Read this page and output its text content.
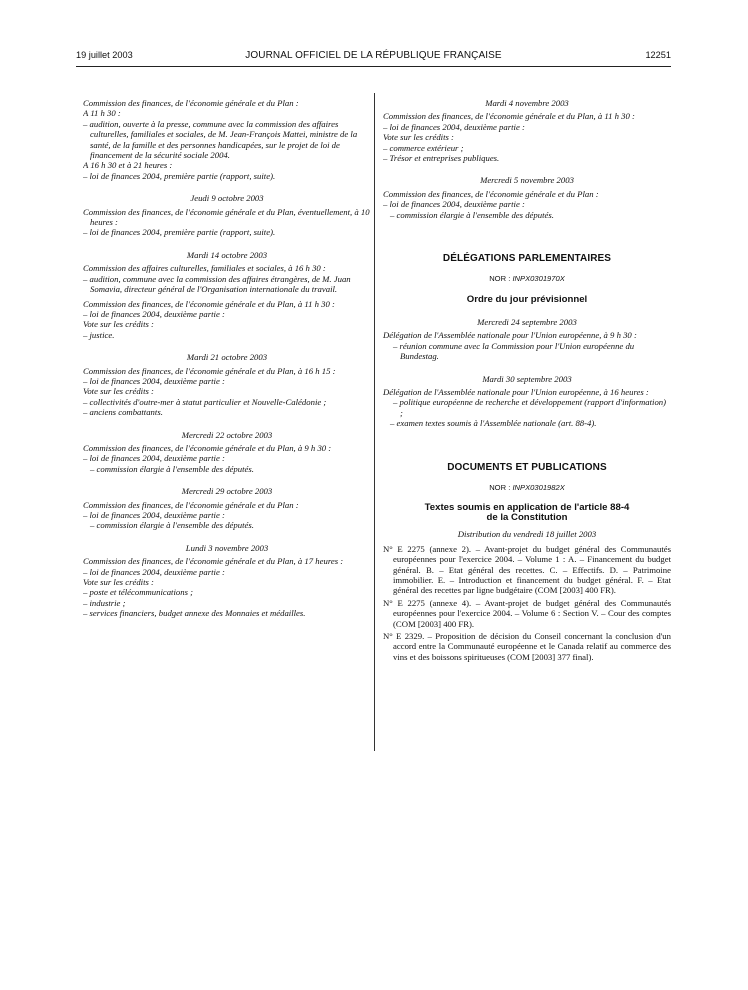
19 juillet 2003	JOURNAL OFFICIEL DE LA RÉPUBLIQUE FRANÇAISE	12251
Commission des finances, de l'économie générale et du Plan :
A 11 h 30 :
– audition, ouverte à la presse, commune avec la commission des affaires culturelles, familiales et sociales, de M. Jean-François Mattei, ministre de la santé, de la famille et des personnes handicapées, sur le projet de loi de financement de la sécurité sociale 2004.
A 16 h 30 et à 21 heures :
– loi de finances 2004, première partie (rapport, suite).
Jeudi 9 octobre 2003
Commission des finances, de l'économie générale et du Plan, éventuellement, à 10 heures :
– loi de finances 2004, première partie (rapport, suite).
Mardi 14 octobre 2003
Commission des affaires culturelles, familiales et sociales, à 16 h 30 :
– audition, commune avec la commission des affaires étrangères, de M. Juan Somavia, directeur général de l'Organisation internationale du travail.
Commission des finances, de l'économie générale et du Plan, à 11 h 30 :
– loi de finances 2004, deuxième partie :
Vote sur les crédits :
– justice.
Mardi 21 octobre 2003
Commission des finances, de l'économie générale et du Plan, à 16 h 15 :
– loi de finances 2004, deuxième partie :
Vote sur les crédits :
– collectivités d'outre-mer à statut particulier et Nouvelle-Calédonie ;
– anciens combattants.
Mercredi 22 octobre 2003
Commission des finances, de l'économie générale et du Plan, à 9 h 30 :
– loi de finances 2004, deuxième partie :
– commission élargie à l'ensemble des députés.
Mercredi 29 octobre 2003
Commission des finances, de l'économie générale et du Plan :
– loi de finances 2004, deuxième partie :
– commission élargie à l'ensemble des députés.
Lundi 3 novembre 2003
Commission des finances, de l'économie générale et du Plan, à 17 heures :
– loi de finances 2004, deuxième partie :
Vote sur les crédits :
– poste et télécommunications ;
– industrie ;
– services financiers, budget annexe des Monnaies et médailles.
Mardi 4 novembre 2003
Commission des finances, de l'économie générale et du Plan, à 11 h 30 :
– loi de finances 2004, deuxième partie :
Vote sur les crédits :
– commerce extérieur ;
– Trésor et entreprises publiques.
Mercredi 5 novembre 2003
Commission des finances, de l'économie générale et du Plan :
– loi de finances 2004, deuxième partie :
– commission élargie à l'ensemble des députés.
DÉLÉGATIONS PARLEMENTAIRES
NOR : INPX0301970X
Ordre du jour prévisionnel
Mercredi 24 septembre 2003
Délégation de l'Assemblée nationale pour l'Union européenne, à 9 h 30 :
– réunion commune avec la Commission pour l'Union européenne du Bundestag.
Mardi 30 septembre 2003
Délégation de l'Assemblée nationale pour l'Union européenne, à 16 heures :
– politique européenne de recherche et développement (rapport d'information) ;
– examen textes soumis à l'Assemblée nationale (art. 88-4).
DOCUMENTS ET PUBLICATIONS
NOR : INPX0301982X
Textes soumis en application de l'article 88-4
de la Constitution
Distribution du vendredi 18 juillet 2003
N° E 2275 (annexe 2). – Avant-projet du budget général des Communautés européennes pour l'exercice 2004. – Volume 1 : A. – Financement du budget général. B. – Etat général des recettes. C. – Effectifs. D. – Patrimoine immobilier. E. – Introduction et financement du budget général. F. – Etat général des recettes par ligne budgétaire (COM [2003] 400 FR).
N° E 2275 (annexe 4). – Avant-projet de budget général des Communautés européennes pour l'exercice 2004. – Volume 6 : Section V. – Cour des comptes (COM [2003] 400 FR).
N° E 2329. – Proposition de décision du Conseil concernant la conclusion d'un accord entre la Communauté européenne et le Canada relatif au commerce des vins et des boissons spiritueuses (COM [2003] 377 final).
